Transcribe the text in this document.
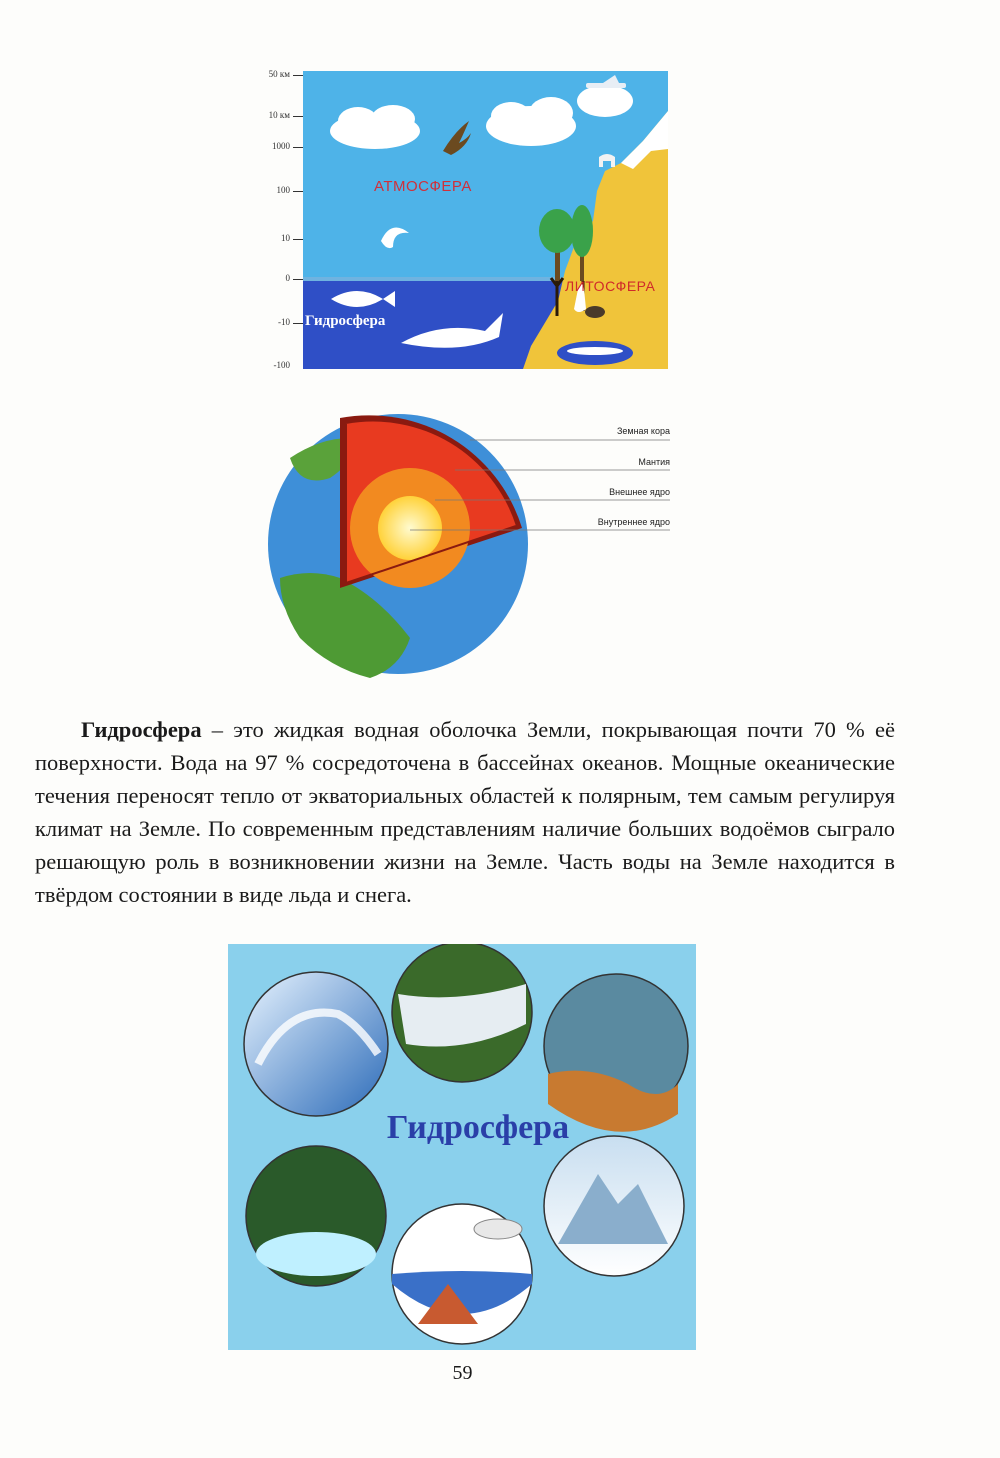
50 км
10 км
1000
100
10
0
-10
-100
АТМОСФЕРА
ЛИТОСФЕРА
Гидросфера
Земная кора
Мантия
Внешнее ядро
Внутреннее ядро

Гидросфера – это жидкая водная оболочка Земли, покрывающая почти 70 % её поверхности. Вода на 97 % сосредоточена в бассейнах океанов. Мощные океанические течения переносят тепло от экваториальных областей к полярным, тем самым регулируя климат на Земле. По современным представлениям наличие больших водоёмов сыграло решающую роль в возникновении жизни на Земле. Часть воды на Земле находится в твёрдом состоянии в виде льда и снега.

Гидросфера
59
